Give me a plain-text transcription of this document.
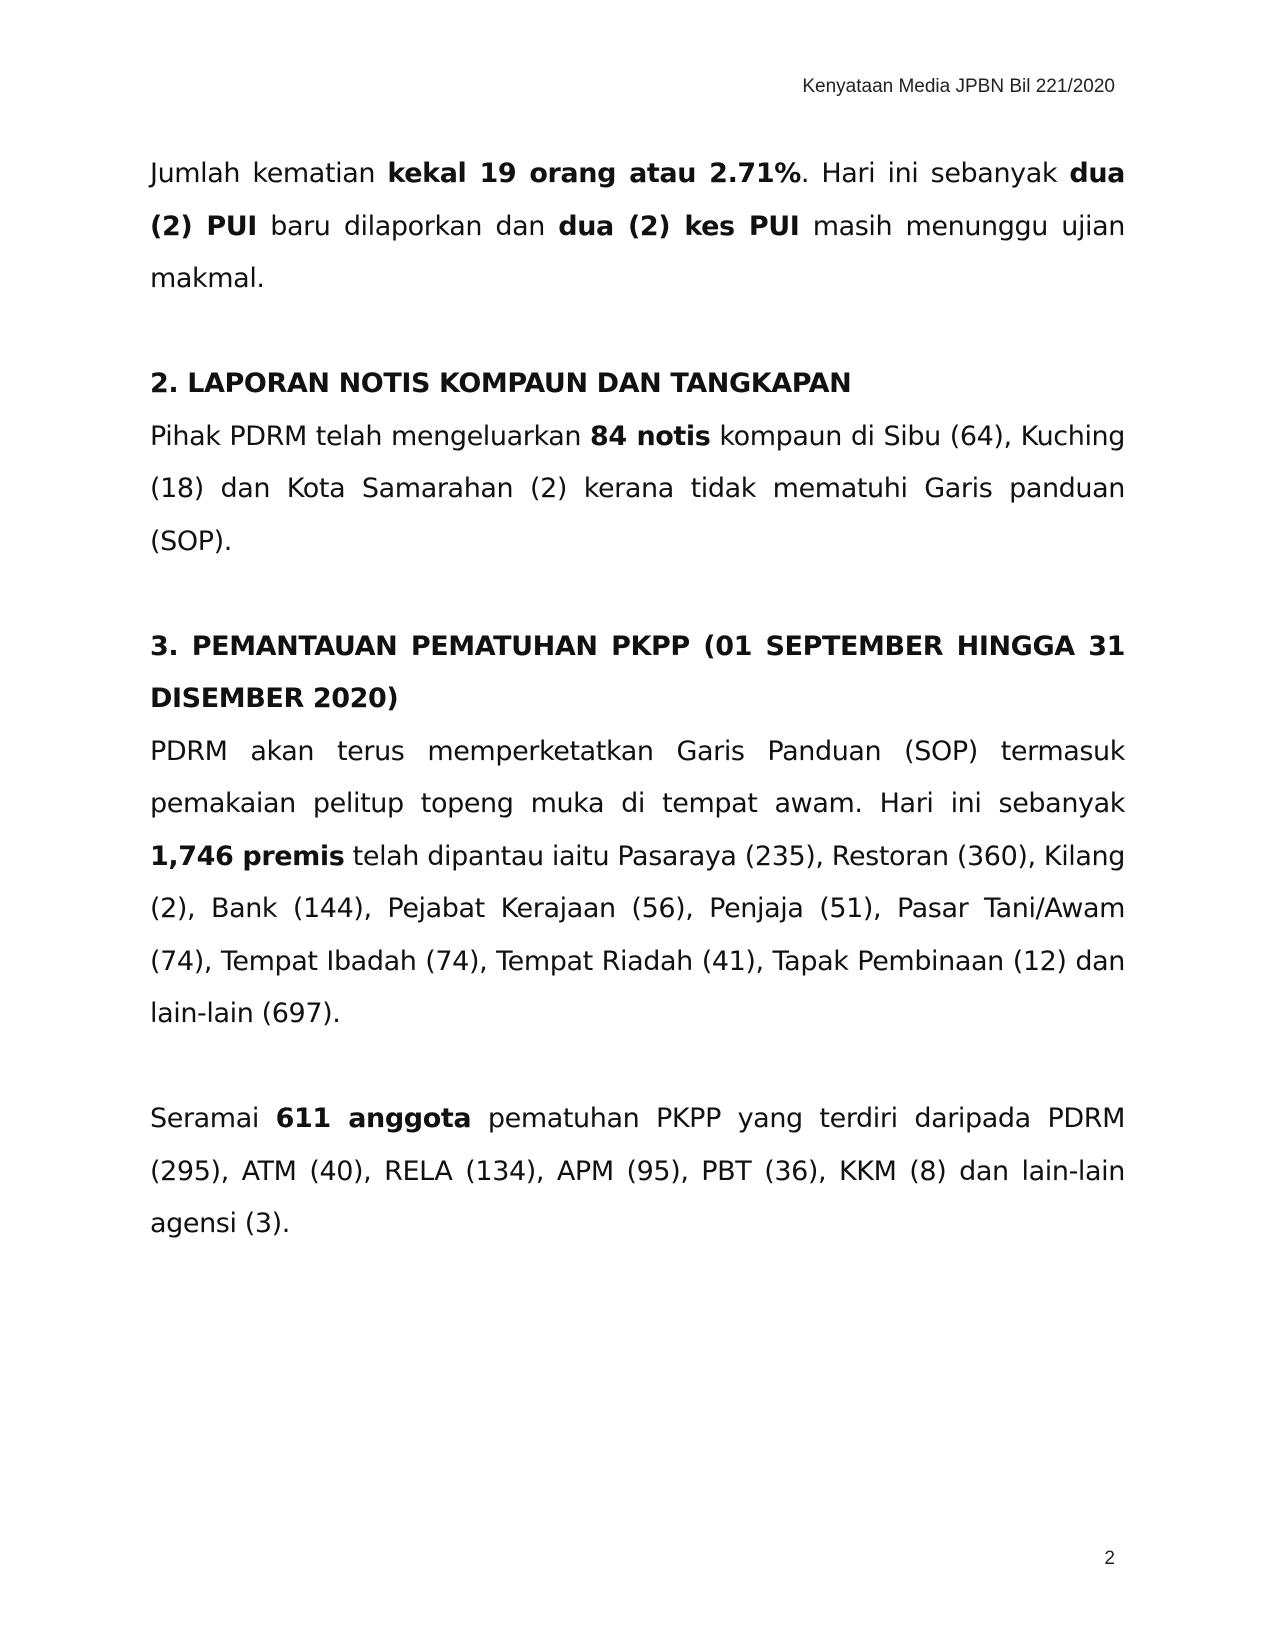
Kenyataan Media JPBN Bil 221/2020

Jumlah kematian kekal 19 orang atau 2.71%. Hari ini sebanyak dua (2) PUI baru dilaporkan dan dua (2) kes PUI masih menunggu ujian makmal.

2. LAPORAN NOTIS KOMPAUN DAN TANGKAPAN

Pihak PDRM telah mengeluarkan 84 notis kompaun di Sibu (64), Kuching (18) dan Kota Samarahan (2) kerana tidak mematuhi Garis panduan (SOP).

3. PEMANTAUAN PEMATUHAN PKPP (01 SEPTEMBER HINGGA 31 DISEMBER 2020)

PDRM akan terus memperketatkan Garis Panduan (SOP) termasuk pemakaian pelitup topeng muka di tempat awam. Hari ini sebanyak 1,746 premis telah dipantau iaitu Pasaraya (235), Restoran (360), Kilang (2), Bank (144), Pejabat Kerajaan (56), Penjaja (51), Pasar Tani/Awam (74), Tempat Ibadah (74), Tempat Riadah (41), Tapak Pembinaan (12) dan lain-lain (697).

Seramai 611 anggota pematuhan PKPP yang terdiri daripada PDRM (295), ATM (40), RELA (134), APM (95), PBT (36), KKM (8) dan lain-lain agensi (3).

2
